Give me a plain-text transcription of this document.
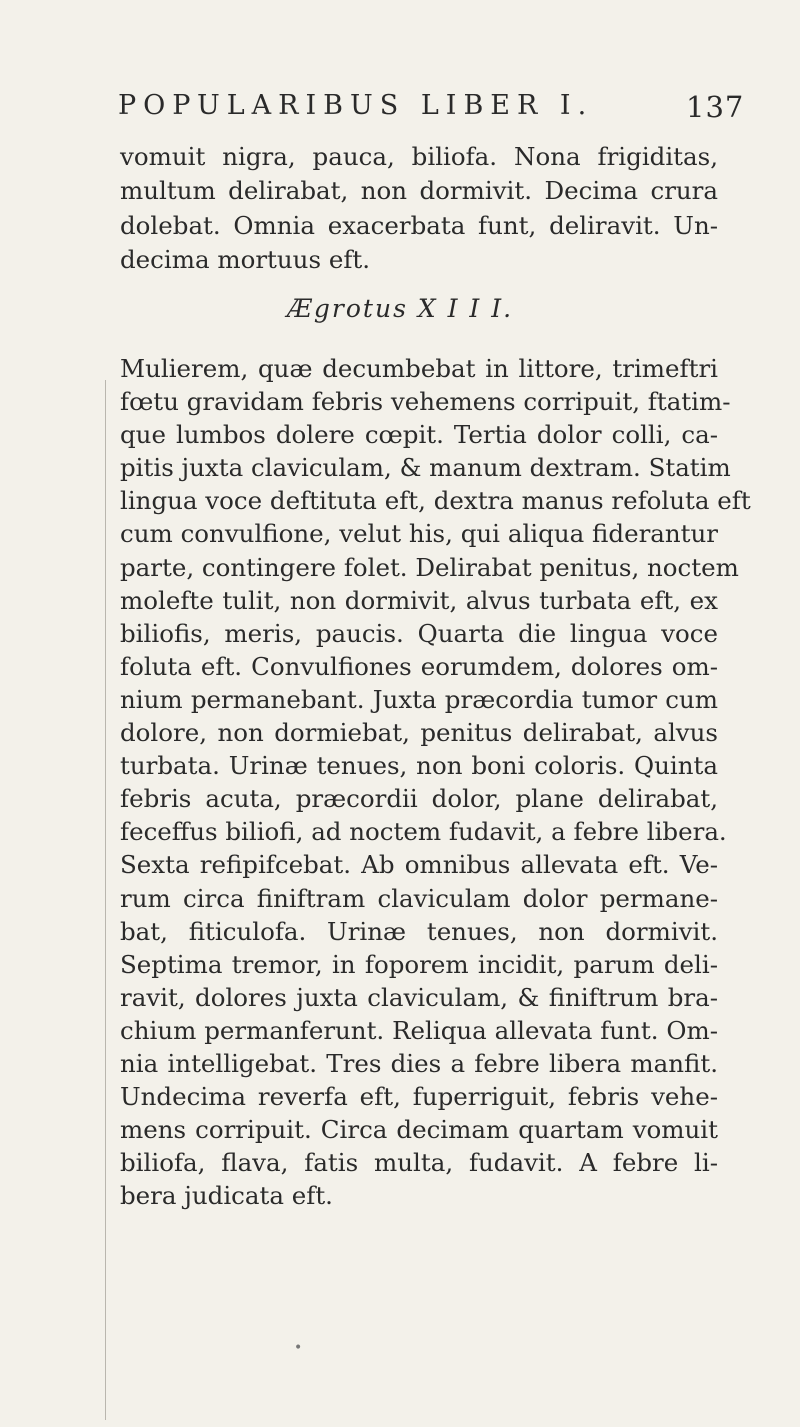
POPULARIBUS LIBER I.	137
vomuit nigra, pauca, biliofa. Nona frigiditas,
multum delirabat, non dormivit. Decima crura
dolebat. Omnia exacerbata funt, deliravit. Un-
decima mortuus eft.
Ægrotus X I I I.
Mulierem, quæ decumbebat in littore, trimeftri
fœtu gravidam febris vehemens corripuit, ftatim-
que lumbos dolere cœpit. Tertia dolor colli, ca-
pitis juxta claviculam, & manum dextram. Statim
lingua voce deftituta eft, dextra manus refoluta eft
cum convulfione, velut his, qui aliqua fiderantur
parte, contingere folet. Delirabat penitus, noctem
molefte tulit, non dormivit, alvus turbata eft, ex
biliofis, meris, paucis. Quarta die lingua voce
foluta eft. Convulfiones eorumdem, dolores om-
nium permanebant. Juxta præcordia tumor cum
dolore, non dormiebat, penitus delirabat, alvus
turbata. Urinæ tenues, non boni coloris. Quinta
febris acuta, præcordii dolor, plane delirabat,
feceffus biliofi, ad noctem fudavit, a febre libera.
Sexta refipifcebat. Ab omnibus allevata eft. Ve-
rum circa finiftram claviculam dolor permane-
bat, fiticulofa. Urinæ tenues, non dormivit.
Septima tremor, in foporem incidit, parum deli-
ravit, dolores juxta claviculam, & finiftrum bra-
chium permanferunt. Reliqua allevata funt. Om-
nia intelligebat. Tres dies a febre libera manfit.
Undecima reverfa eft, fuperriguit, febris vehe-
mens corripuit. Circa decimam quartam vomuit
biliofa, flava, fatis multa, fudavit. A febre li-
bera judicata eft.
•
